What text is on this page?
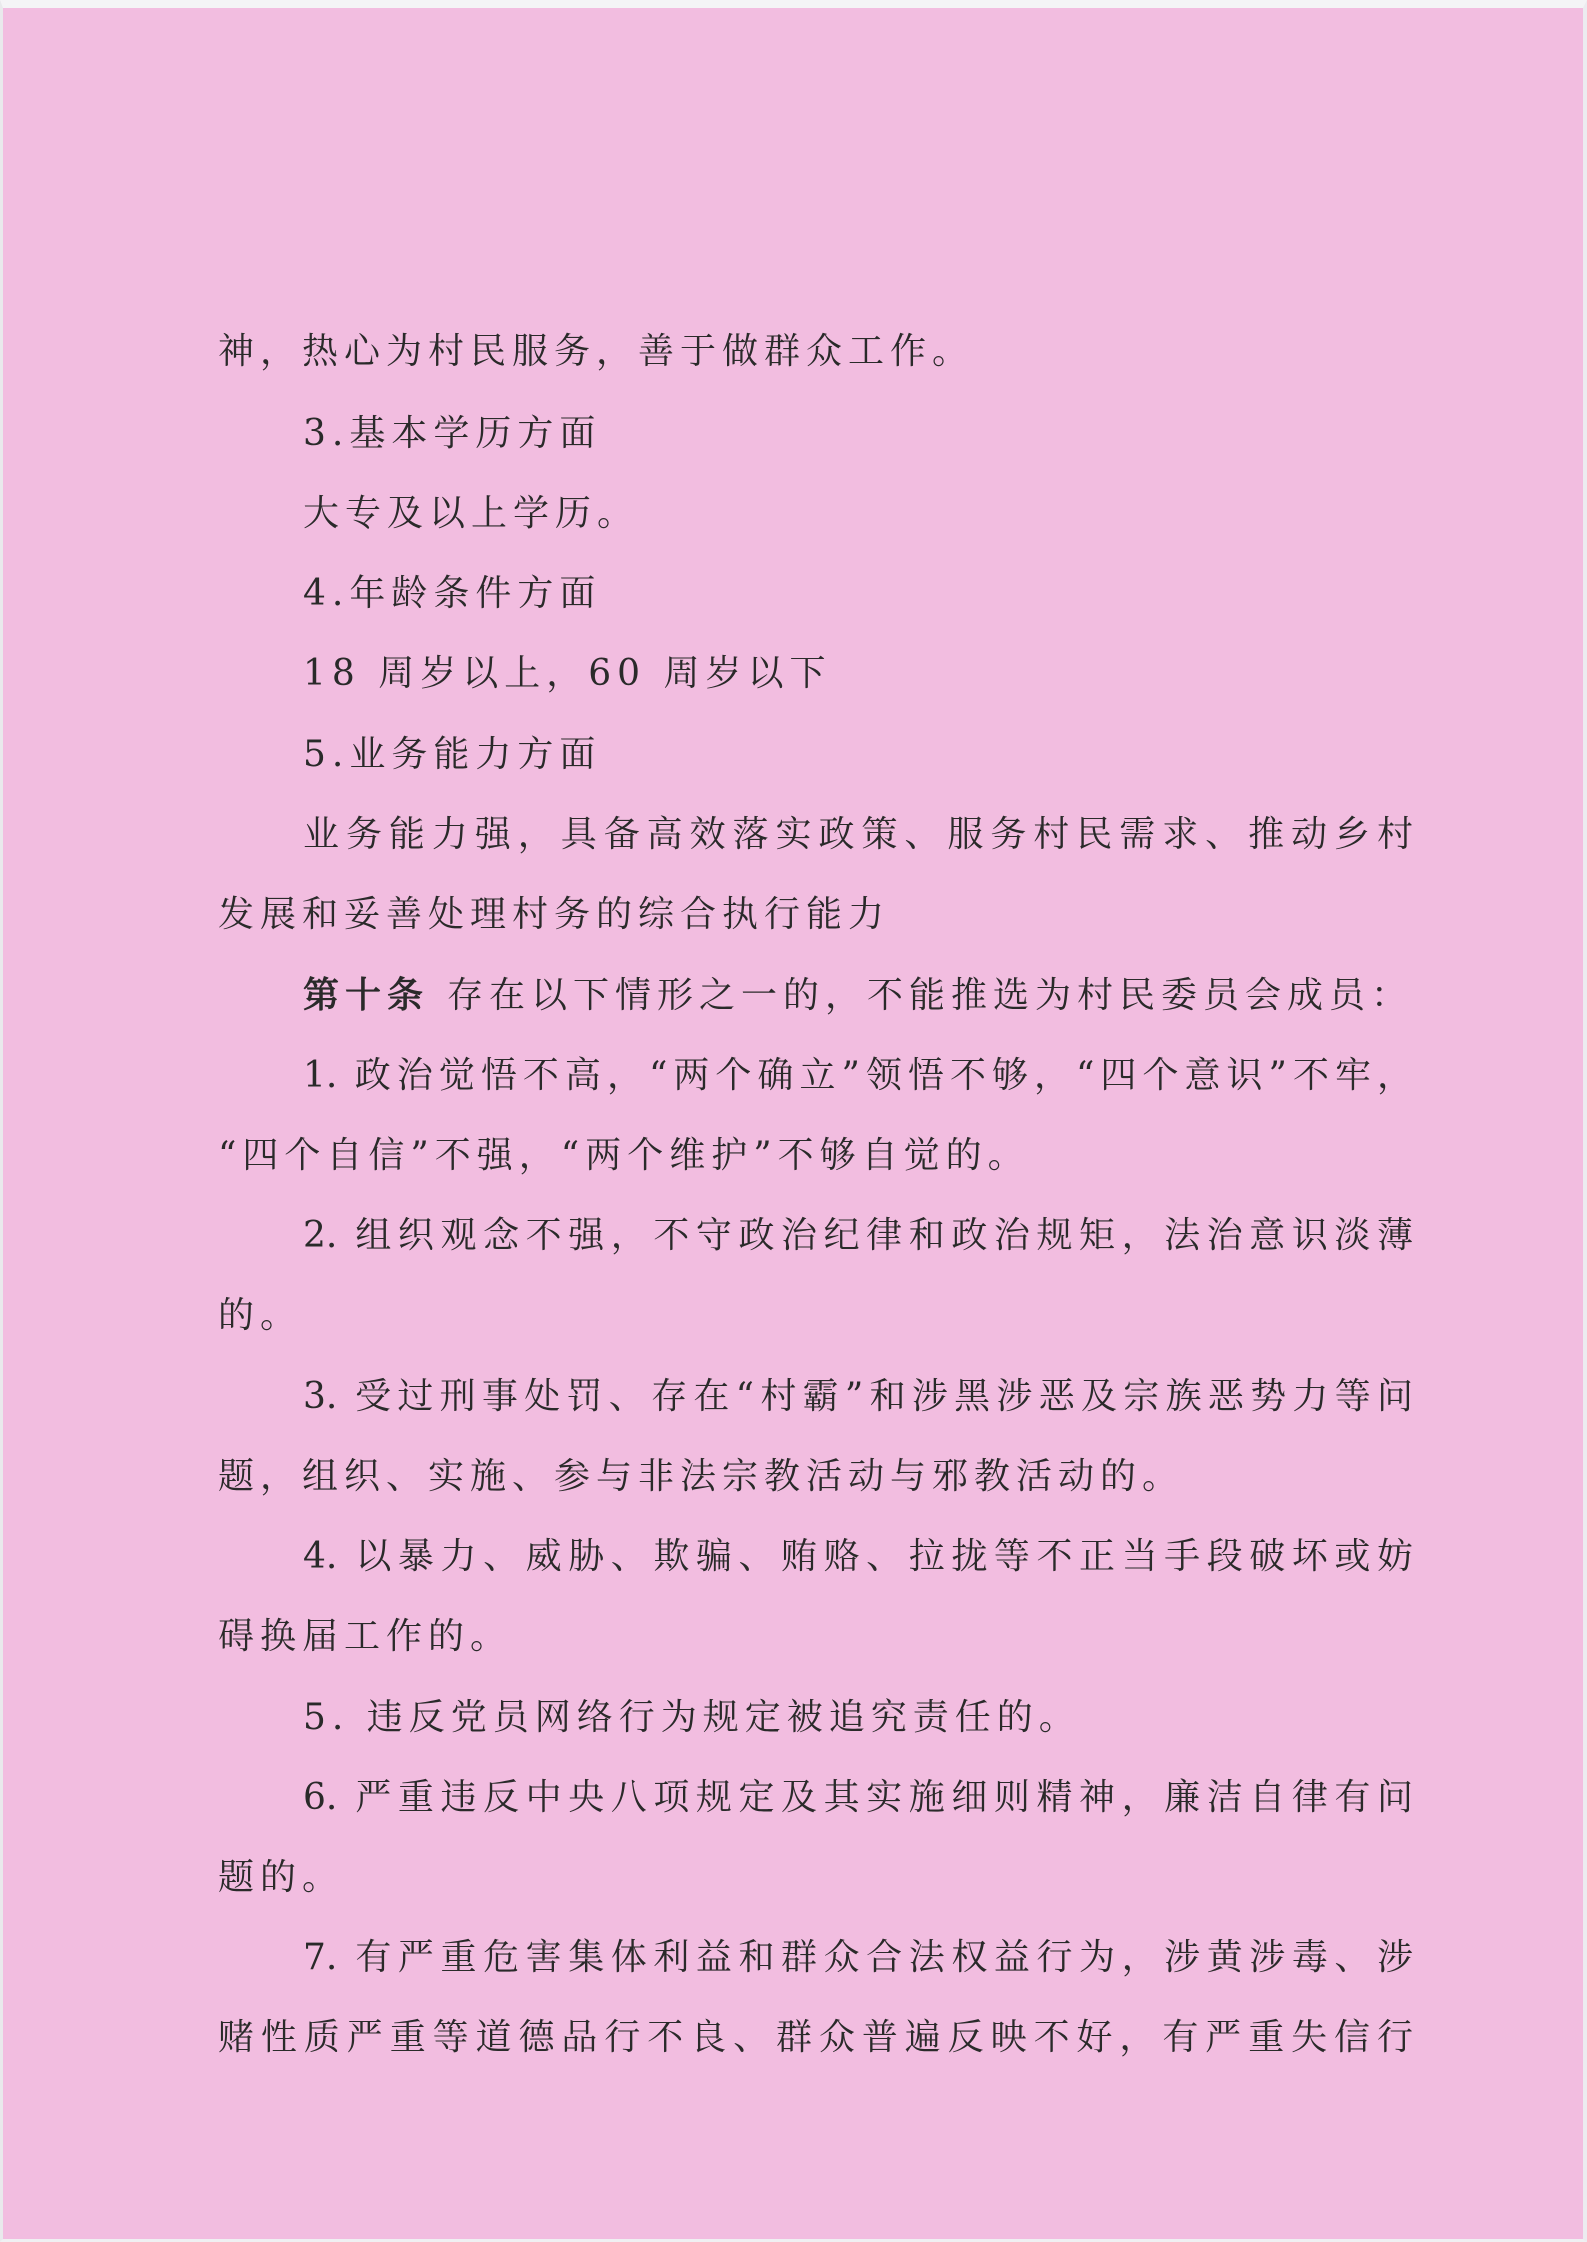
神，热心为村民服务，善于做群众工作。
3.基本学历方面
大专及以上学历。
4.年龄条件方面
18 周岁以上，60 周岁以下
5.业务能力方面
业务能力强，具备高效落实政策、服务村民需求、推动乡村
发展和妥善处理村务的综合执行能力
第十条 存在以下情形之一的，不能推选为村民委员会成员：
1. 政治觉悟不高，“两个确立”领悟不够，“四个意识”不牢，
“四个自信”不强，“两个维护”不够自觉的。
2. 组织观念不强，不守政治纪律和政治规矩，法治意识淡薄
的。
3. 受过刑事处罚、存在“村霸”和涉黑涉恶及宗族恶势力等问
题，组织、实施、参与非法宗教活动与邪教活动的。
4. 以暴力、威胁、欺骗、贿赂、拉拢等不正当手段破坏或妨
碍换届工作的。
5. 违反党员网络行为规定被追究责任的。
6. 严重违反中央八项规定及其实施细则精神，廉洁自律有问
题的。
7. 有严重危害集体利益和群众合法权益行为，涉黄涉毒、涉
赌性质严重等道德品行不良、群众普遍反映不好，有严重失信行
